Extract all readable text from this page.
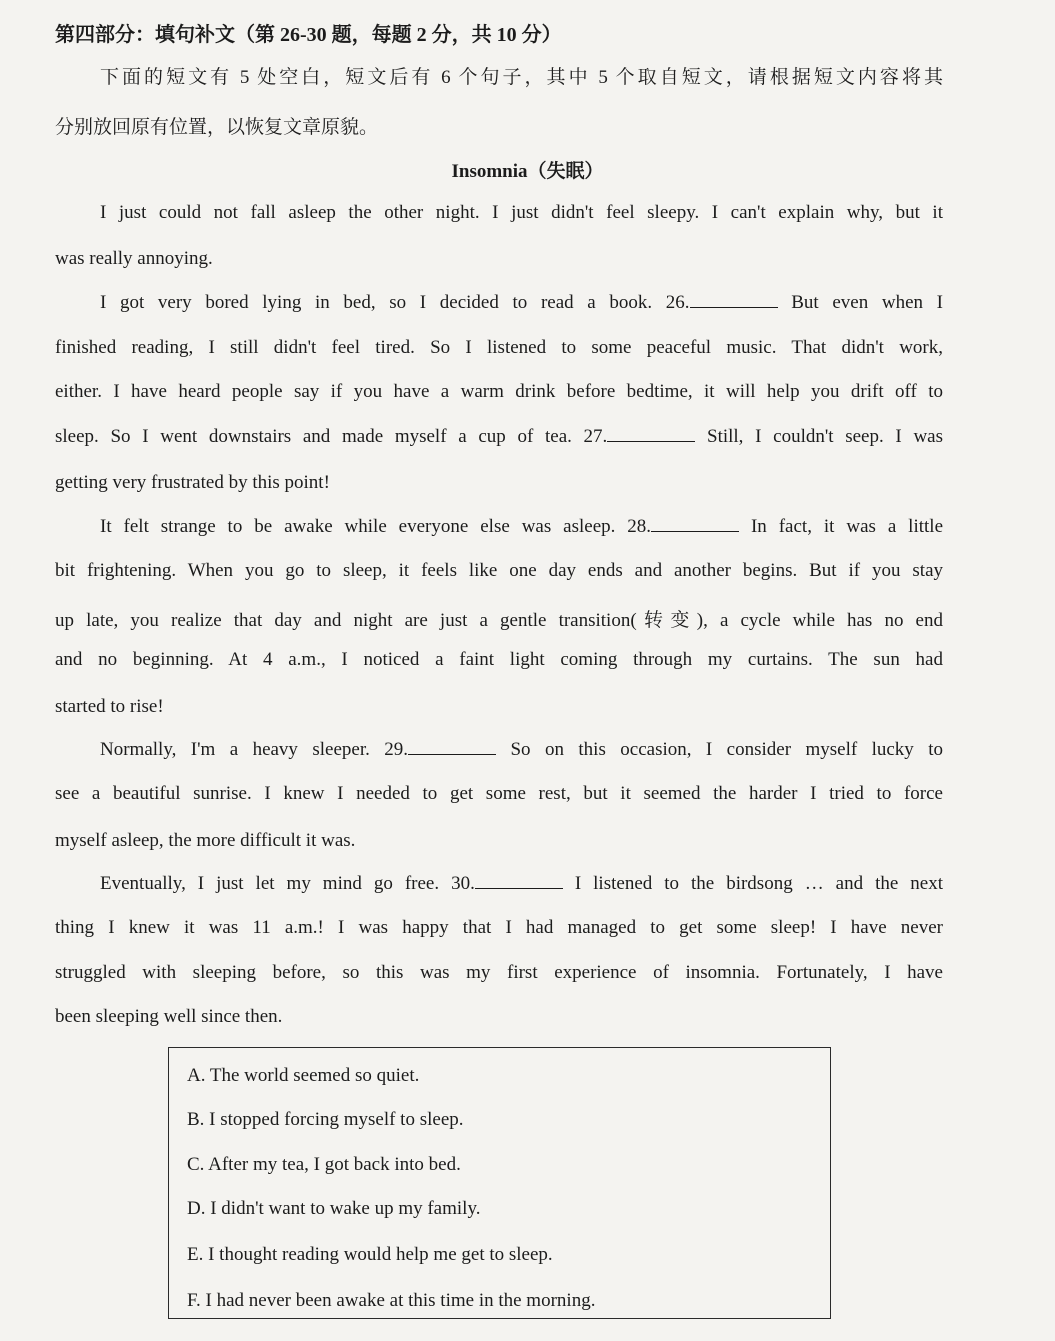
第四部分：填句补文（第 26-30 题，每题 2 分，共 10 分）
下面的短文有 5 处空白，短文后有 6 个句子，其中 5 个取自短文，请根据短文内容将其
分别放回原有位置，以恢复文章原貌。
Insomnia（失眠）
I just could not fall asleep the other night. I just didn't feel sleepy. I can't explain why, but it
was really annoying.
I got very bored lying in bed, so I decided to read a book. 26.	But even when I
finished reading, I still didn't feel tired. So I listened to some peaceful music. That didn't work,
either. I have heard people say if you have a warm drink before bedtime, it will help you drift off to
sleep. So I went downstairs and made myself a cup of tea. 27.	Still, I couldn't seep. I was
getting very frustrated by this point!
It felt strange to be awake while everyone else was asleep. 28.	In fact, it was a little
bit frightening. When you go to sleep, it feels like one day ends and another begins. But if you stay
up late, you realize that day and night are just a gentle transition(转变), a cycle while has no end
and no beginning. At 4 a.m., I noticed a faint light coming through my curtains. The sun had
started to rise!
Normally, I'm a heavy sleeper. 29.	So on this occasion, I consider myself lucky to
see a beautiful sunrise. I knew I needed to get some rest, but it seemed the harder I tried to force
myself asleep, the more difficult it was.
Eventually, I just let my mind go free. 30.	I listened to the birdsong … and the next
thing I knew it was 11 a.m.! I was happy that I had managed to get some sleep! I have never
struggled with sleeping before, so this was my first experience of insomnia. Fortunately, I have
been sleeping well since then.
A. The world seemed so quiet.
B. I stopped forcing myself to sleep.
C. After my tea, I got back into bed.
D. I didn't want to wake up my family.
E. I thought reading would help me get to sleep.
F. I had never been awake at this time in the morning.
